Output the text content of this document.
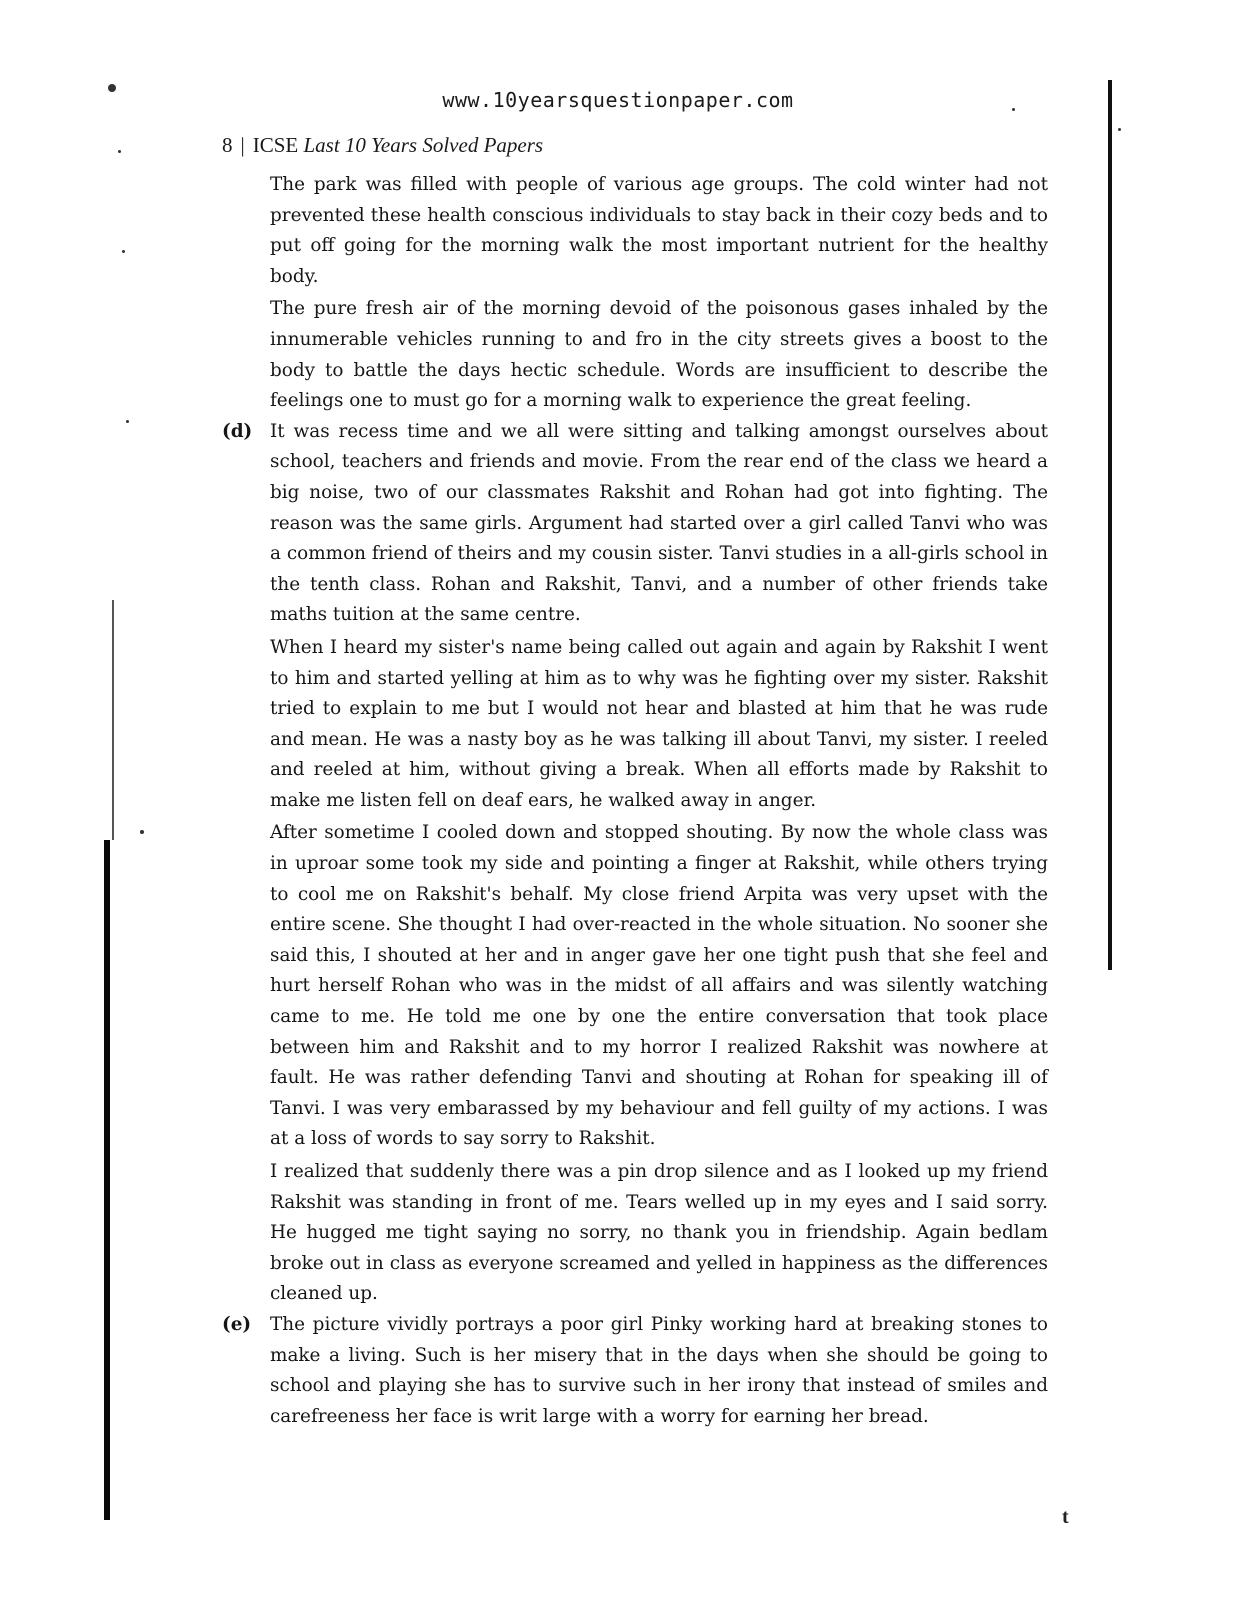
www.10yearsquestionpaper.com
8 | ICSE Last 10 Years Solved Papers

The park was filled with people of various age groups. The cold winter had not prevented these health conscious individuals to stay back in their cozy beds and to put off going for the morning walk the most important nutrient for the healthy body.

The pure fresh air of the morning devoid of the poisonous gases inhaled by the innumerable vehicles running to and fro in the city streets gives a boost to the body to battle the days hectic schedule. Words are insufficient to describe the feelings one to must go for a morning walk to experience the great feeling.

(d) It was recess time and we all were sitting and talking amongst ourselves about school, teachers and friends and movie. From the rear end of the class we heard a big noise, two of our classmates Rakshit and Rohan had got into fighting. The reason was the same girls. Argument had started over a girl called Tanvi who was a common friend of theirs and my cousin sister. Tanvi studies in a all-girls school in the tenth class. Rohan and Rakshit, Tanvi, and a number of other friends take maths tuition at the same centre.

When I heard my sister's name being called out again and again by Rakshit I went to him and started yelling at him as to why was he fighting over my sister. Rakshit tried to explain to me but I would not hear and blasted at him that he was rude and mean. He was a nasty boy as he was talking ill about Tanvi, my sister. I reeled and reeled at him, without giving a break. When all efforts made by Rakshit to make me listen fell on deaf ears, he walked away in anger.

After sometime I cooled down and stopped shouting. By now the whole class was in uproar some took my side and pointing a finger at Rakshit, while others trying to cool me on Rakshit's behalf. My close friend Arpita was very upset with the entire scene. She thought I had over-reacted in the whole situation. No sooner she said this, I shouted at her and in anger gave her one tight push that she feel and hurt herself Rohan who was in the midst of all affairs and was silently watching came to me. He told me one by one the entire conversation that took place between him and Rakshit and to my horror I realized Rakshit was nowhere at fault. He was rather defending Tanvi and shouting at Rohan for speaking ill of Tanvi. I was very embarassed by my behaviour and fell guilty of my actions. I was at a loss of words to say sorry to Rakshit.

I realized that suddenly there was a pin drop silence and as I looked up my friend Rakshit was standing in front of me. Tears welled up in my eyes and I said sorry. He hugged me tight saying no sorry, no thank you in friendship. Again bedlam broke out in class as everyone screamed and yelled in happiness as the differences cleaned up.

(e) The picture vividly portrays a poor girl Pinky working hard at breaking stones to make a living. Such is her misery that in the days when she should be going to school and playing she has to survive such in her irony that instead of smiles and carefreeness her face is writ large with a worry for earning her bread.

t
